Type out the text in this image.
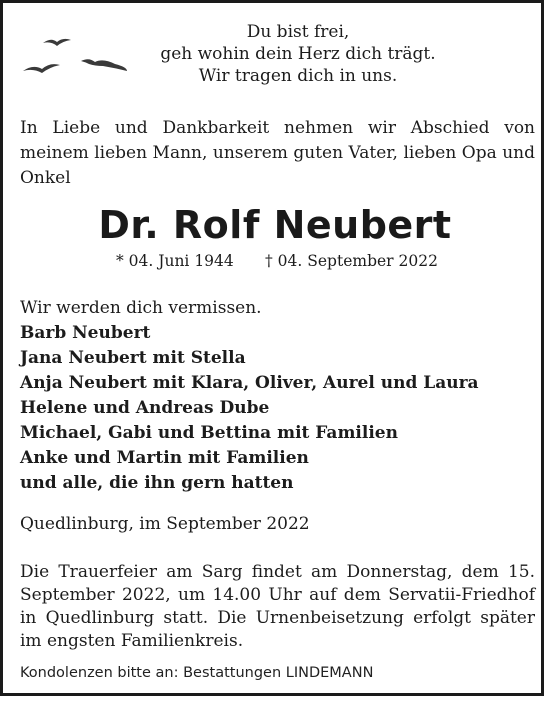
Du bist frei,
geh wohin dein Herz dich trägt.
Wir tragen dich in uns.
In Liebe und Dankbarkeit nehmen wir Abschied von meinem lieben Mann, unserem guten Vater, lieben Opa und Onkel
Dr. Rolf Neubert
* 04. Juni 1944 † 04. September 2022
Wir werden dich vermissen.
Barb Neubert
Jana Neubert mit Stella
Anja Neubert mit Klara, Oliver, Aurel und Laura
Helene und Andreas Dube
Michael, Gabi und Bettina mit Familien
Anke und Martin mit Familien
und alle, die ihn gern hatten
Quedlinburg, im September 2022
Die Trauerfeier am Sarg findet am Donnerstag, dem 15. September 2022, um 14.00 Uhr auf dem Servatii-Friedhof in Quedlinburg statt. Die Urnenbeisetzung erfolgt später im engsten Familienkreis.
Kondolenzen bitte an: Bestattungen LINDEMANN
